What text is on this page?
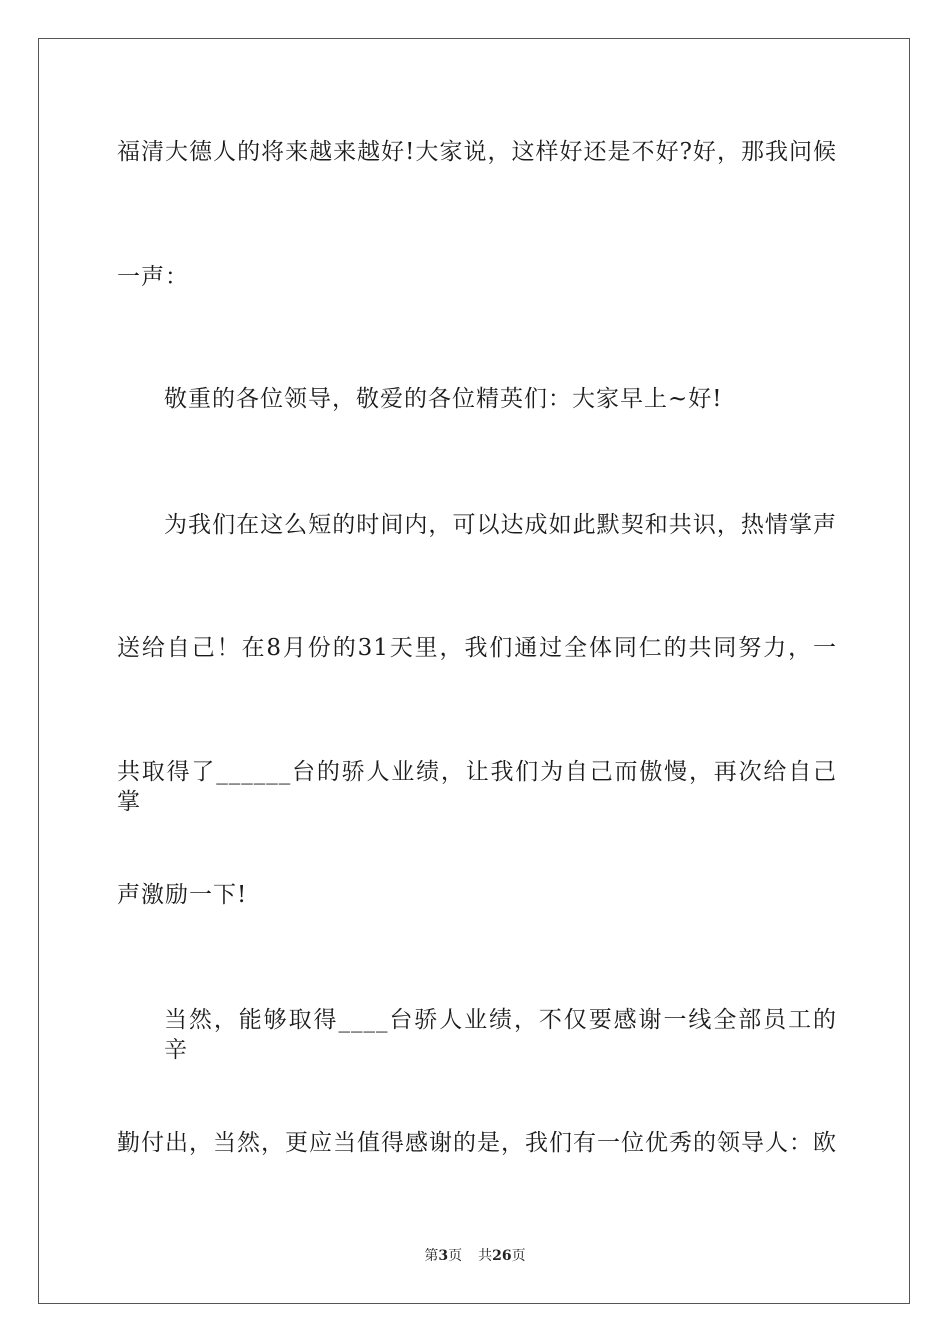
福清大德人的将来越来越好!大家说，这样好还是不好?好，那我问候
一声：
敬重的各位领导，敬爱的各位精英们：大家早上~好!
为我们在这么短的时间内，可以达成如此默契和共识，热情掌声
送给自己！在8月份的31天里，我们通过全体同仁的共同努力，一
共取得了______台的骄人业绩，让我们为自己而傲慢，再次给自己掌
声激励一下!
当然，能够取得____台骄人业绩，不仅要感谢一线全部员工的辛
勤付出，当然，更应当值得感谢的是，我们有一位优秀的领导人：欧
第3页 共26页
